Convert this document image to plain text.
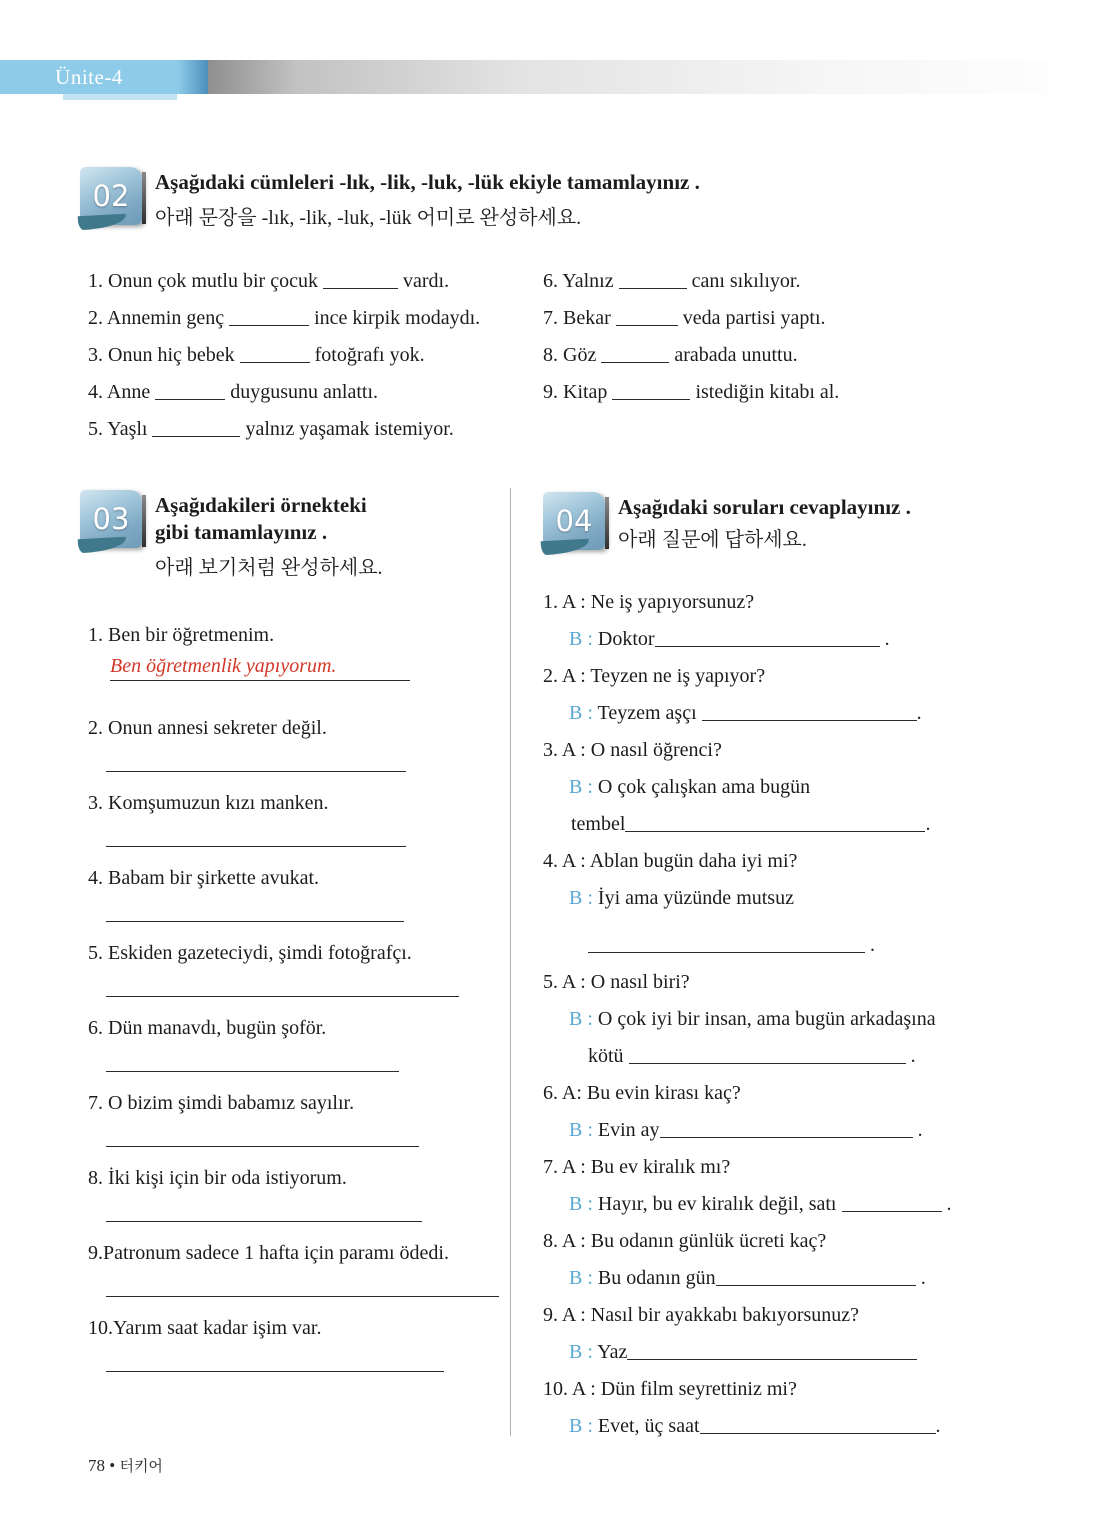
Ünite-4
02 Aşağıdaki cümleleri -lık, -lik, -luk, -lük ekiyle tamamlayınız .
아래 문장을 -lık, -lik, -luk, -lük 어미로 완성하세요.
1. Onun çok mutlu bir çocuk	vardı.
2. Annemin genç	ince kirpik modaydı.
3. Onun hiç bebek	fotoğrafı yok.
4. Anne	duygusunu anlattı.
5. Yaşlı	yalnız yaşamak istemiyor.
6. Yalnız	canı sıkılıyor.
7. Bekar	veda partisi yaptı.
8. Göz	arabada unuttu.
9. Kitap	istediğin kitabı al.
03 Aşağıdakileri örnekteki
gibi tamamlayınız .
아래 보기처럼 완성하세요.
1. Ben bir öğretmenim.
Ben öğretmenlik yapıyorum.
2. Onun annesi sekreter değil.
3. Komşumuzun kızı manken.
4. Babam bir şirkette avukat.
5. Eskiden gazeteciydi, şimdi fotoğrafçı.
6. Dün manavdı, bugün şoför.
7. O bizim şimdi babamız sayılır.
8. İki kişi için bir oda istiyorum.
9.Patronum sadece 1 hafta için paramı ödedi.
10.Yarım saat kadar işim var.
04 Aşağıdaki soruları cevaplayınız .
아래 질문에 답하세요.
1. A : Ne iş yapıyorsunuz?
B : Doktor	.
2. A : Teyzen ne iş yapıyor?
B : Teyzem aşçı	.
3. A : O nasıl öğrenci?
B : O çok çalışkan ama bugün
tembel	.
4. A : Ablan bugün daha iyi mi?
B : İyi ama yüzünde mutsuz
.
5. A : O nasıl biri?
B : O çok iyi bir insan, ama bugün arkadaşına
kötü	.
6. A: Bu evin kirası kaç?
B : Evin ay	.
7. A : Bu ev kiralık mı?
B : Hayır, bu ev kiralık değil, satı	.
8. A : Bu odanın günlük ücreti kaç?
B : Bu odanın gün	.
9. A : Nasıl bir ayakkabı bakıyorsunuz?
B : Yaz
10. A : Dün film seyrettiniz mi?
B : Evet, üç saat	.
78 • 터키어
